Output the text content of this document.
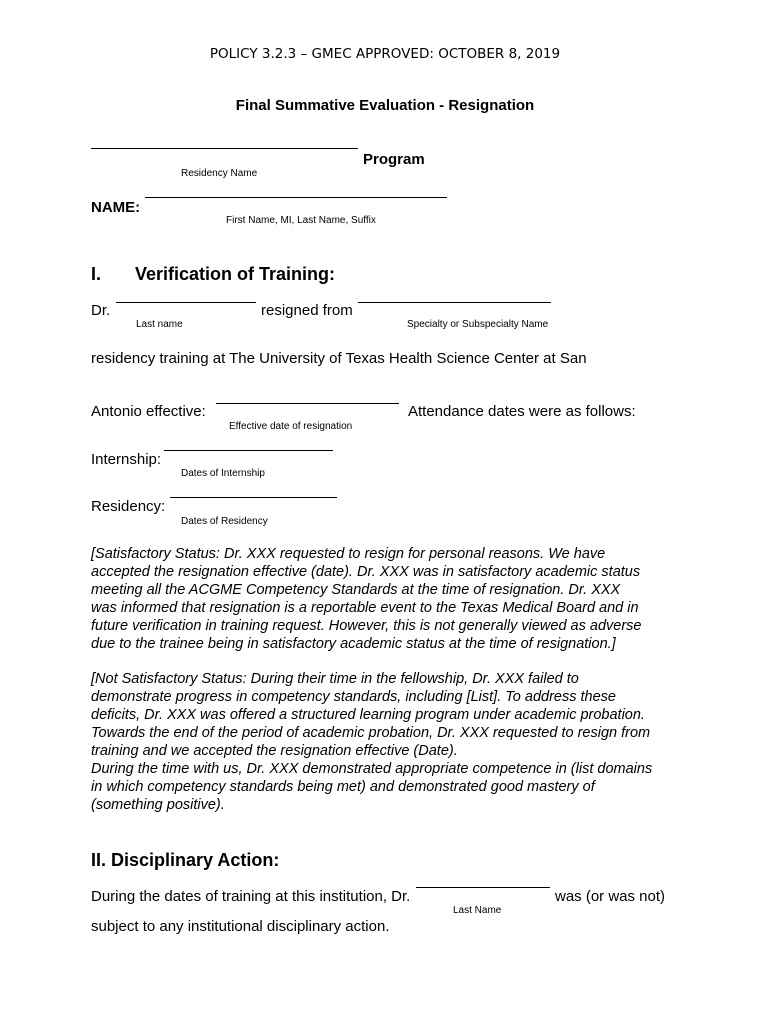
POLICY 3.2.3 – GMEC APPROVED: OCTOBER 8, 2019
Final Summative Evaluation - Resignation
Program
Residency Name
NAME:
First Name, MI, Last Name, Suffix
I. Verification of Training:
Dr.	resigned from
Last name	Specialty or Subspecialty Name
residency training at The University of Texas Health Science Center at San
Antonio effective:	Attendance dates were as follows:
Effective date of resignation
Internship:
Dates of Internship
Residency:
Dates of Residency
[Satisfactory Status: Dr. XXX requested to resign for personal reasons. We have
accepted the resignation effective (date). Dr. XXX was in satisfactory academic status
meeting all the ACGME Competency Standards at the time of resignation. Dr. XXX
was informed that resignation is a reportable event to the Texas Medical Board and in
future verification in training request. However, this is not generally viewed as adverse
due to the trainee being in satisfactory academic status at the time of resignation.]
[Not Satisfactory Status: During their time in the fellowship, Dr. XXX failed to
demonstrate progress in competency standards, including [List]. To address these
deficits, Dr. XXX was offered a structured learning program under academic probation.
Towards the end of the period of academic probation, Dr. XXX requested to resign from
training and we accepted the resignation effective (Date).
During the time with us, Dr. XXX demonstrated appropriate competence in (list domains
in which competency standards being met) and demonstrated good mastery of
(something positive).
II. Disciplinary Action:
During the dates of training at this institution, Dr.	was (or was not)
Last Name
subject to any institutional disciplinary action.
